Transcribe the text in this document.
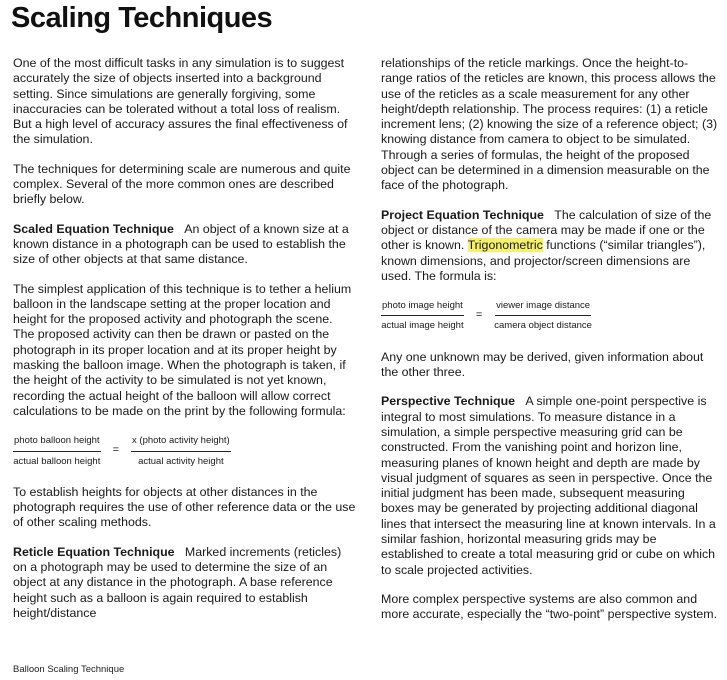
Scaling Techniques

One of the most difficult tasks in any simulation is to suggest accurately the size of objects inserted into a background setting. Since simulations are generally forgiving, some inaccuracies can be tolerated without a total loss of realism. But a high level of accuracy assures the final effectiveness of the simulation.

The techniques for determining scale are numerous and quite complex. Several of the more common ones are described briefly below.

Scaled Equation Technique An object of a known size at a known distance in a photograph can be used to establish the size of other objects at that same distance.

The simplest application of this technique is to tether a helium balloon in the landscape setting at the proper location and height for the proposed activity and photograph the scene. The proposed activity can then be drawn or pasted on the photograph in its proper location and at its proper height by masking the balloon image. When the photograph is taken, if the height of the activity to be simulated is not yet known, recording the actual height of the balloon will allow correct calculations to be made on the print by the following formula:

$\frac{\text{photo balloon height}}{\text{actual balloon height}} = \frac{\text{x (photo activity height)}}{\text{actual activity height}}$

To establish heights for objects at other distances in the photograph requires the use of other reference data or the use of other scaling methods.

Reticle Equation Technique Marked increments (reticles) on a photograph may be used to determine the size of an object at any distance in the photograph. A base reference height such as a balloon is again required to establish height/distance

relationships of the reticle markings. Once the height-to-range ratios of the reticles are known, this process allows the use of the reticles as a scale measurement for any other height/depth relationship. The process requires: (1) a reticle increment lens; (2) knowing the size of a reference object; (3) knowing distance from camera to object to be simulated. Through a series of formulas, the height of the proposed object can be determined in a dimension measurable on the face of the photograph.

Project Equation Technique The calculation of size of the object or distance of the camera may be made if one or the other is known. Trigonometric functions (“similar triangles”), known dimensions, and projector/screen dimensions are used. The formula is:

$\frac{\text{photo image height}}{\text{actual image height}} = \frac{\text{viewer image distance}}{\text{camera object distance}}$

Any one unknown may be derived, given information about the other three.

Perspective Technique A simple one-point perspective is integral to most simulations. To measure distance in a simulation, a simple perspective measuring grid can be constructed. From the vanishing point and horizon line, measuring planes of known height and depth are made by visual judgment of squares as seen in perspective. Once the initial judgment has been made, subsequent measuring boxes may be generated by projecting additional diagonal lines that intersect the measuring line at known intervals. In a similar fashion, horizontal measuring grids may be established to create a total measuring grid or cube on which to scale projected activities.

More complex perspective systems are also common and more accurate, especially the “two-point” perspective system.

Balloon Scaling Technique
